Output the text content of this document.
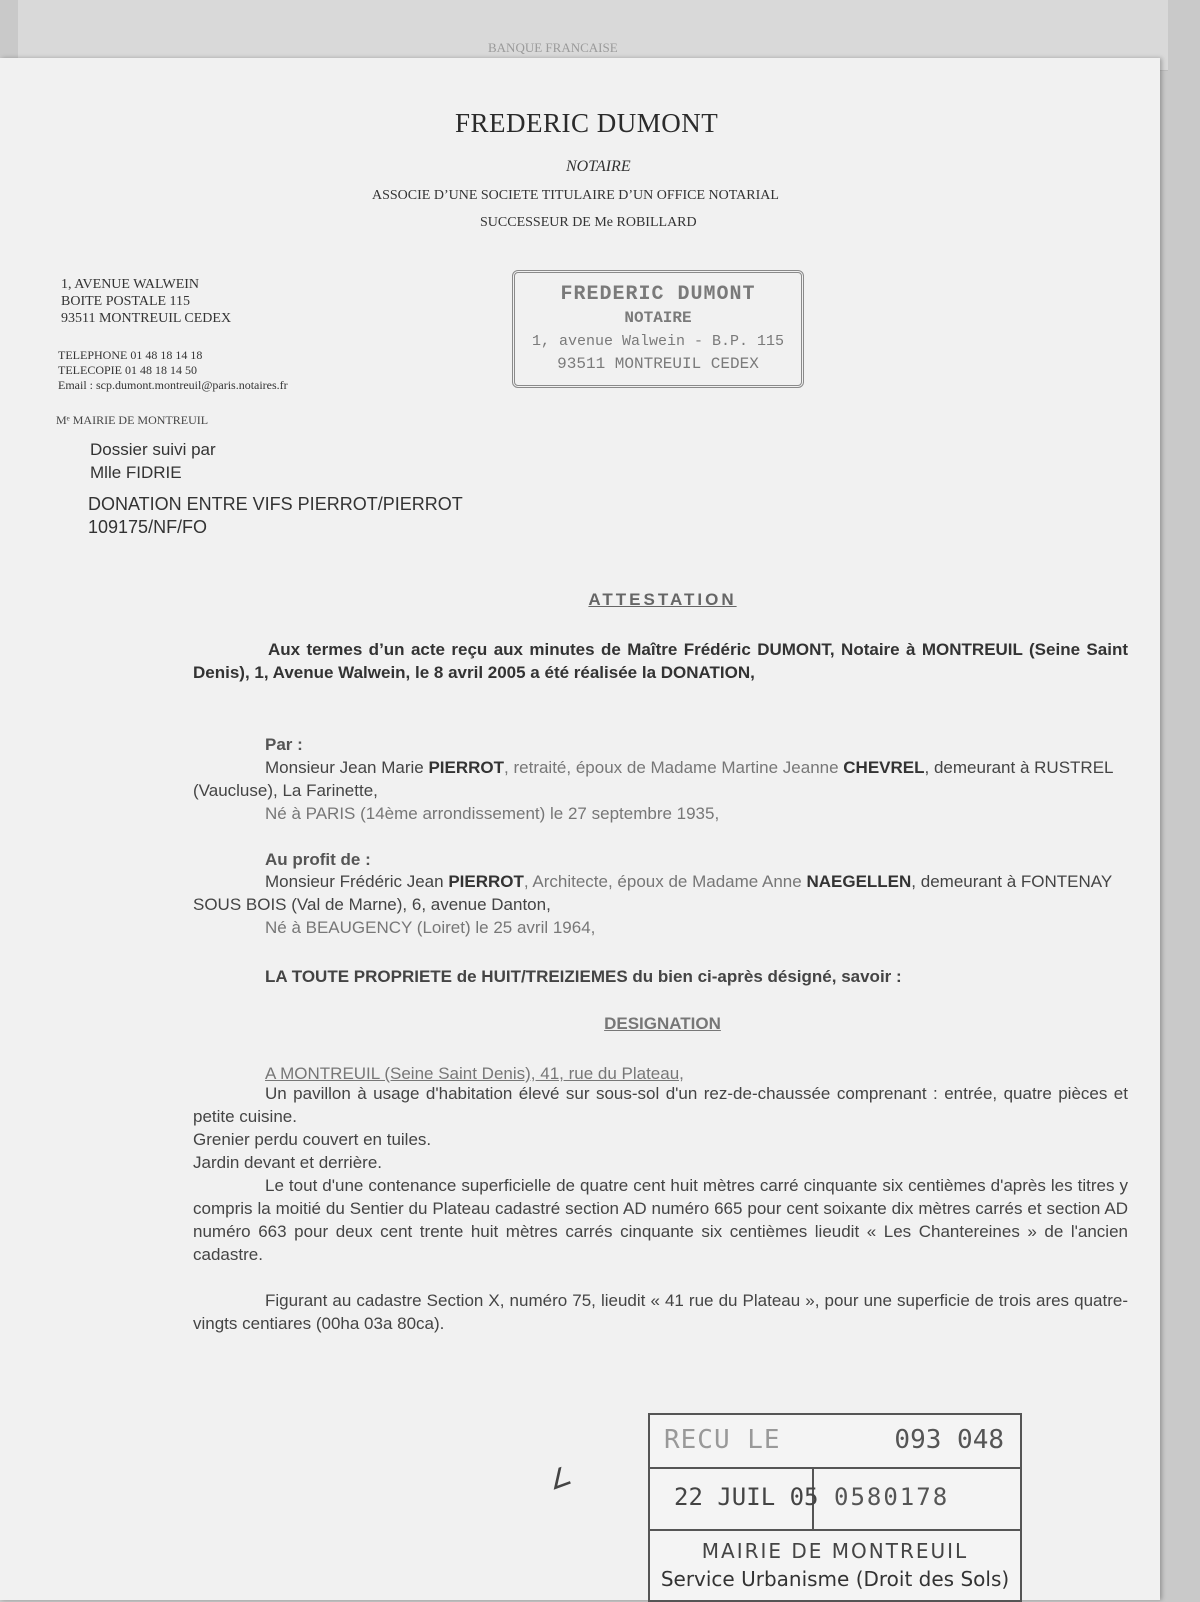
BANQUE FRANCAISE
FREDERIC DUMONT
NOTAIRE
ASSOCIE D’UNE SOCIETE TITULAIRE D’UN OFFICE NOTARIAL
SUCCESSEUR DE Me ROBILLARD
1, AVENUE WALWEIN
BOITE POSTALE 115
93511 MONTREUIL CEDEX
TELEPHONE 01 48 18 14 18
TELECOPIE 01 48 18 14 50
Email : scp.dumont.montreuil@paris.notaires.fr
Mᵉ MAIRIE DE MONTREUIL
FREDERIC DUMONT
NOTAIRE
1, avenue Walwein - B.P. 115
93511 MONTREUIL CEDEX
Dossier suivi par
Mlle FIDRIE
DONATION ENTRE VIFS PIERROT/PIERROT
109175/NF/FO
ATTESTATION
Aux termes d’un acte reçu aux minutes de Maître Frédéric DUMONT, Notaire à MONTREUIL (Seine Saint Denis), 1, Avenue Walwein, le 8 avril 2005 a été réalisée la DONATION,
Par :
Monsieur Jean Marie PIERROT, retraité, époux de Madame Martine Jeanne CHEVREL, demeurant à RUSTREL (Vaucluse), La Farinette,
Né à PARIS (14ème arrondissement) le 27 septembre 1935,
Au profit de :
Monsieur Frédéric Jean PIERROT, Architecte, époux de Madame Anne NAEGELLEN, demeurant à FONTENAY SOUS BOIS (Val de Marne), 6, avenue Danton,
Né à BEAUGENCY (Loiret) le 25 avril 1964,
LA TOUTE PROPRIETE de HUIT/TREIZIEMES du bien ci-après désigné, savoir :
DESIGNATION
A MONTREUIL (Seine Saint Denis), 41, rue du Plateau,
Un pavillon à usage d'habitation élevé sur sous-sol d'un rez-de-chaussée comprenant : entrée, quatre pièces et petite cuisine.
Grenier perdu couvert en tuiles.
Jardin devant et derrière.
Le tout d'une contenance superficielle de quatre cent huit mètres carré cinquante six centièmes d'après les titres y compris la moitié du Sentier du Plateau cadastré section AD numéro 665 pour cent soixante dix mètres carrés et section AD numéro 663 pour deux cent trente huit mètres carrés cinquante six centièmes lieudit « Les Chantereines » de l'ancien cadastre.
Figurant au cadastre Section X, numéro 75, lieudit « 41 rue du Plateau », pour une superficie de trois ares quatre-vingts centiares (00ha 03a 80ca).
∠
RECU LE	093 048
22 JUIL 05 0580178
MAIRIE DE MONTREUIL
Service Urbanisme (Droit des Sols)
